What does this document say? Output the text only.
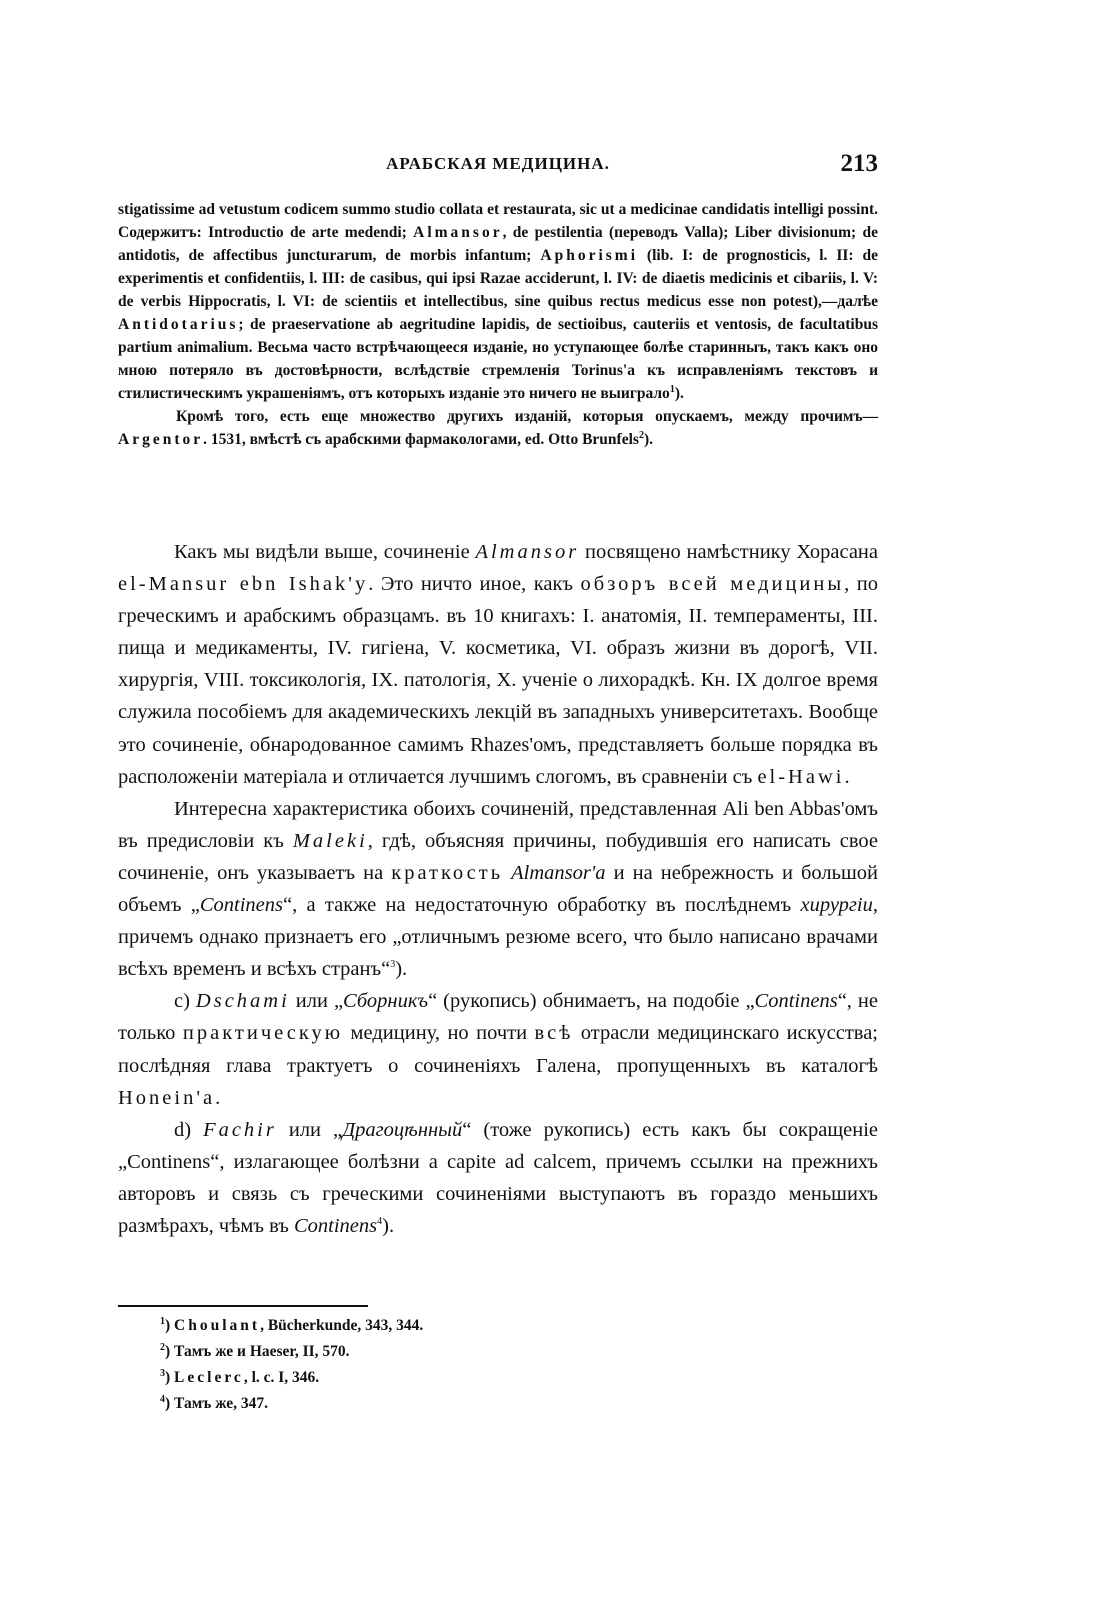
АРАБСКАЯ МЕДИЦИНА.	213

stigatissime ad vetustum codicem summo studio collata et restaurata, sic ut a medicinae candidatis intelligi possint. Содержитъ: Introductio de arte medendi; Almansor, de pestilentia (переводъ Valla); Liber divisionum; de antidotis, de affectibus juncturarum, de morbis infantum; Aphorismi (lib. I: de prognosticis, l. II: de experimentis et confidentiis, l. III: de casibus, qui ipsi Razae acciderunt, l. IV: de diaetis medicinis et cibariis, l. V: de verbis Hippocratis, l. VI: de scientiis et intellectibus, sine quibus rectus medicus esse non potest),—далѣе Antidotarius; de praeservatione ab aegritudine lapidis, de sectioibus, cauteriis et ventosis, de facultatibus partium animalium. Весьма часто встрѣчающееся изданіе, но уступающее болѣе старинныъ, такъ какъ оно мною потеряло въ достовѣрности, вслѣдствіе стремленія Torinus'а къ исправленіямъ текстовъ и стилистическимъ украшеніямъ, отъ которыхъ изданіе это ничего не выиграло$^1$).

Кромѣ того, есть еще множество другихъ изданій, которыя опускаемъ, между прочимъ—Argentor. 1531, вмѣстѣ съ арабскими фармакологами, ed. Otto Brunfels$^2$).

Какъ мы видѣли выше, сочиненіе Almansor посвящено намѣстнику Хорасана el-Mansur ebn Ishak'у. Это ничто иное, какъ обзоръ всей медицины, по греческимъ и арабскимъ образцамъ. въ 10 книгахъ: I. анатомія, II. темпераменты, III. пища и медикаменты, IV. гигіена, V. косметика, VI. образъ жизни въ дорогѣ, VII. хирургія, VIII. токсикологія, IX. патологія, X. ученіе о лихорадкѣ. Кн. IX долгое время служила пособіемъ для академическихъ лекцій въ западныхъ университетахъ. Вообще это сочиненіе, обнародованное самимъ Rhazes'омъ, представляетъ больше порядка въ расположеніи матеріала и отличается лучшимъ слогомъ, въ сравненіи съ el-Hawi.

Интересна характеристика обоихъ сочиненій, представленная Ali ben Abbas'омъ въ предисловіи къ Maleki, гдѣ, объясняя причины, побудившія его написать свое сочиненіе, онъ указываетъ на краткость Almansor'а и на небрежность и большой объемъ „Continens“, а также на недостаточную обработку въ послѣднемъ хирургіи, причемъ однако признаетъ его „отличнымъ резюме всего, что было написано врачами всѣхъ временъ и всѣхъ странъ“$^3$).

c) Dschami или „Сборникъ“ (рукопись) обнимаетъ, на подобіе „Continens“, не только практическую медицину, но почти всѣ отрасли медицинскаго искусства; послѣдняя глава трактуетъ о сочиненіяхъ Галена, пропущенныхъ въ каталогѣ Honein'а.

d) Fachir или „Драгоцѣнный“ (тоже рукопись) есть какъ бы сокращеніе „Continens“, излагающее болѣзни a capite ad calcem, причемъ ссылки на прежнихъ авторовъ и связь съ греческими сочиненіями выступаютъ въ гораздо меньшихъ размѣрахъ, чѣмъ въ Continens$^4$).

$^1$) Choulant, Bücherkunde, 343, 344.
$^2$) Тамъ же и Haeser, II, 570.
$^3$) Leclerc, l. c. I, 346.
$^4$) Тамъ же, 347.
